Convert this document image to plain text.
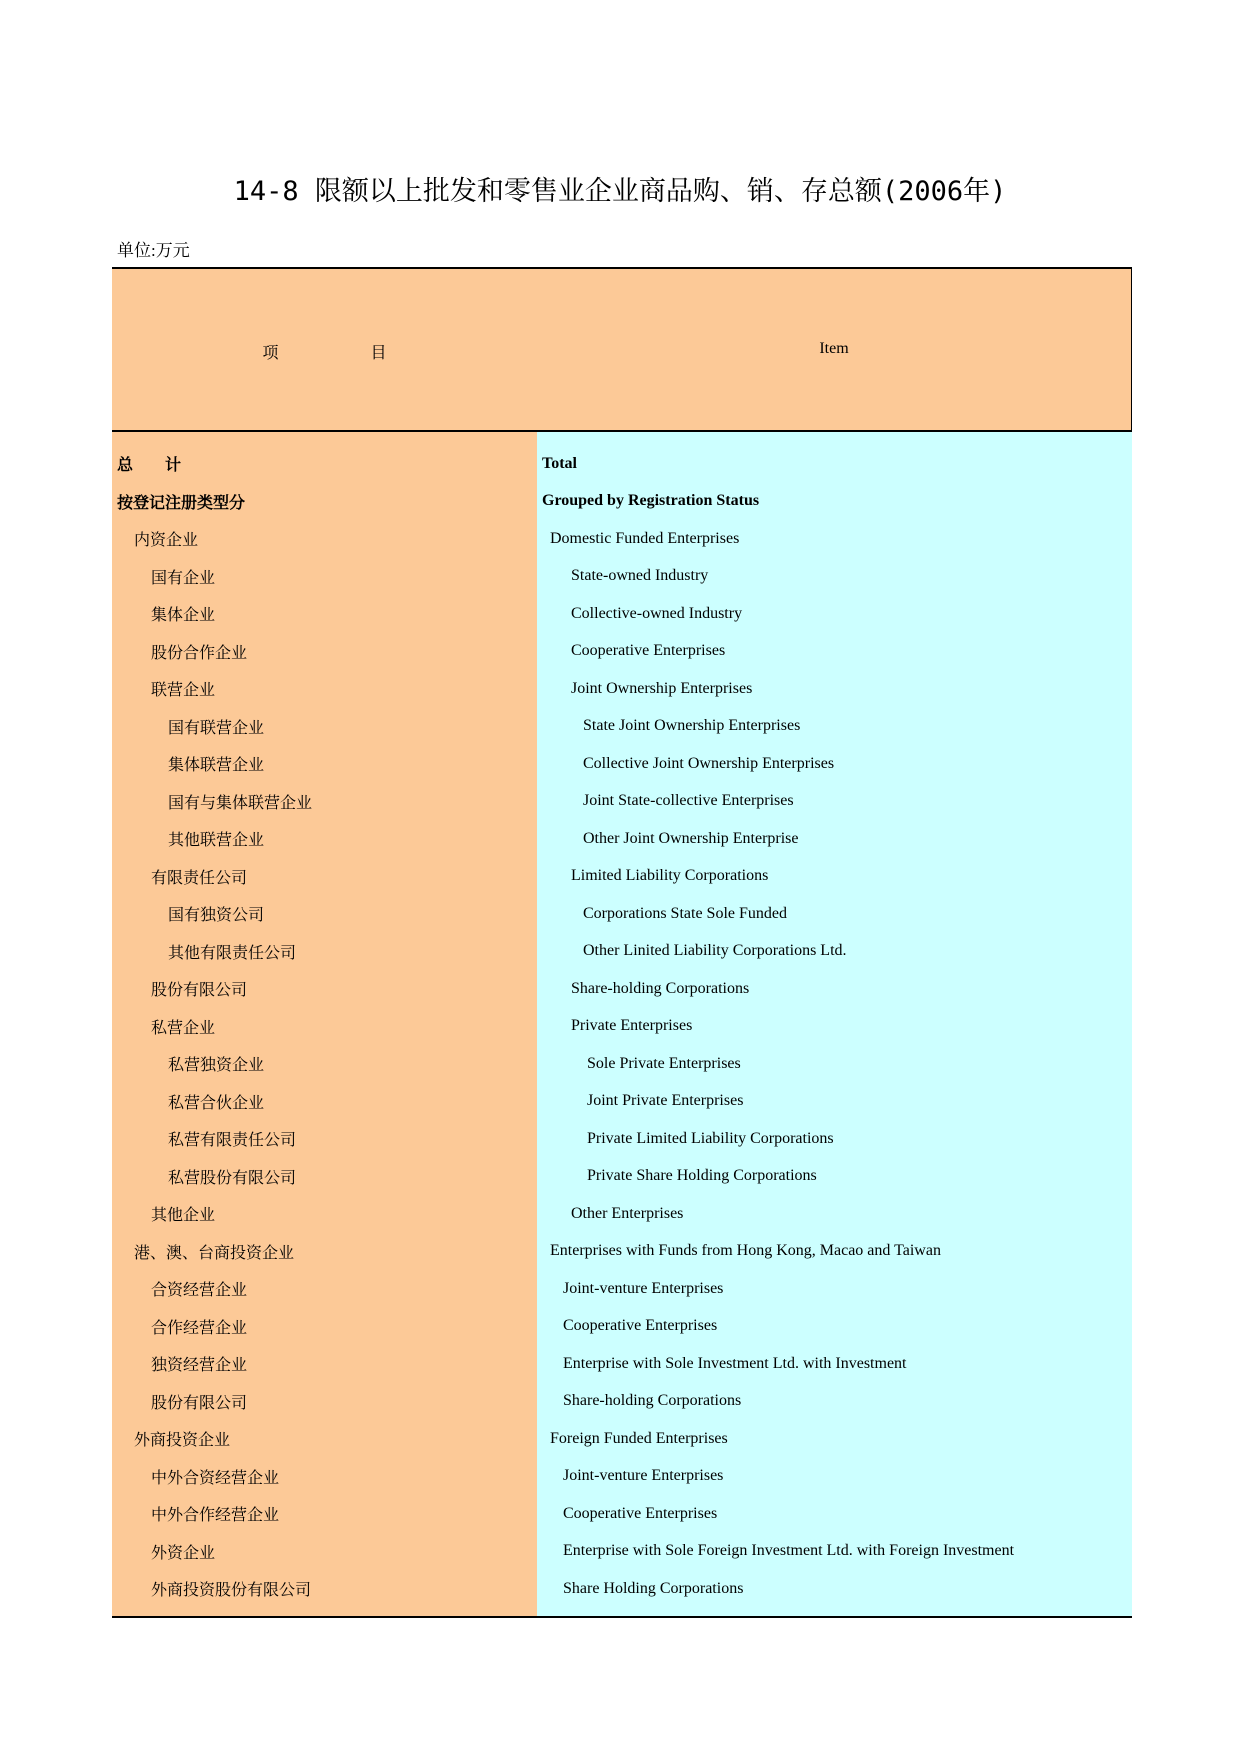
14-8 限额以上批发和零售业企业商品购、销、存总额(2006年)
单位:万元
项	目	Item
总　　计	Total
按登记注册类型分	Grouped by Registration Status
内资企业	Domestic Funded Enterprises
国有企业	State-owned Industry
集体企业	Collective-owned Industry
股份合作企业	Cooperative Enterprises
联营企业	Joint Ownership Enterprises
国有联营企业	State Joint Ownership Enterprises
集体联营企业	Collective Joint Ownership Enterprises
国有与集体联营企业	Joint State-collective Enterprises
其他联营企业	Other Joint Ownership Enterprise
有限责任公司	Limited Liability Corporations
国有独资公司	Corporations State Sole Funded
其他有限责任公司	Other Linited Liability Corporations Ltd.
股份有限公司	Share-holding Corporations
私营企业	Private Enterprises
私营独资企业	Sole Private Enterprises
私营合伙企业	Joint Private Enterprises
私营有限责任公司	Private Limited Liability Corporations
私营股份有限公司	Private Share Holding Corporations
其他企业	Other Enterprises
港、澳、台商投资企业	Enterprises with Funds from Hong Kong, Macao and Taiwan
合资经营企业	Joint-venture Enterprises
合作经营企业	Cooperative Enterprises
独资经营企业	Enterprise with Sole Investment Ltd. with Investment
股份有限公司	Share-holding Corporations
外商投资企业	Foreign Funded Enterprises
中外合资经营企业	Joint-venture Enterprises
中外合作经营企业	Cooperative Enterprises
外资企业	Enterprise with Sole Foreign Investment Ltd. with Foreign Investment
外商投资股份有限公司	Share Holding Corporations
